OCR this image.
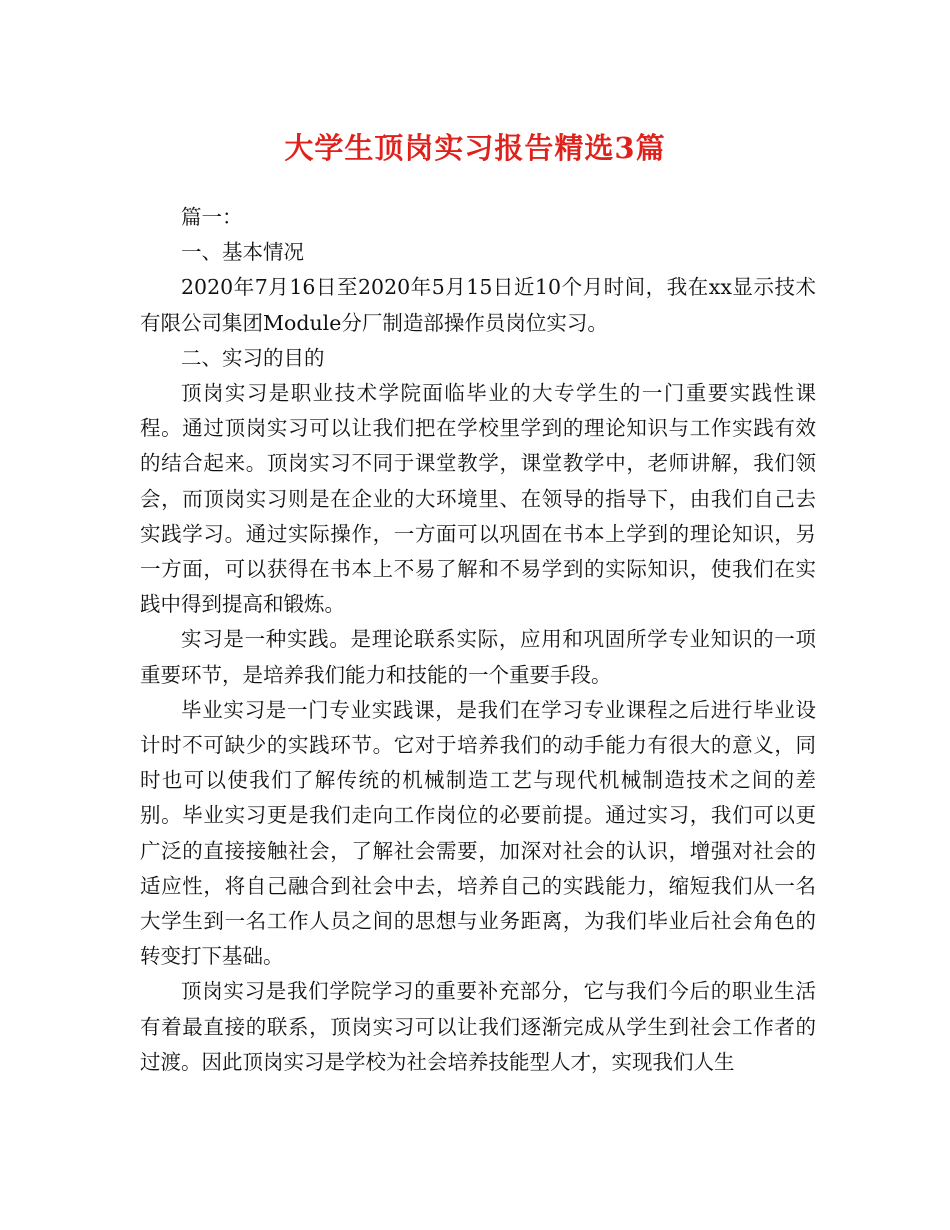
大学生顶岗实习报告精选3篇

篇一：

一、基本情况

2020年7月16日至2020年5月15日近10个月时间，我在xx显示技术有限公司集团Module分厂制造部操作员岗位实习。

二、实习的目的

顶岗实习是职业技术学院面临毕业的大专学生的一门重要实践性课程。通过顶岗实习可以让我们把在学校里学到的理论知识与工作实践有效的结合起来。顶岗实习不同于课堂教学，课堂教学中，老师讲解，我们领会，而顶岗实习则是在企业的大环境里、在领导的指导下，由我们自己去实践学习。通过实际操作，一方面可以巩固在书本上学到的理论知识，另一方面，可以获得在书本上不易了解和不易学到的实际知识，使我们在实践中得到提高和锻炼。

实习是一种实践。是理论联系实际，应用和巩固所学专业知识的一项重要环节，是培养我们能力和技能的一个重要手段。

毕业实习是一门专业实践课，是我们在学习专业课程之后进行毕业设计时不可缺少的实践环节。它对于培养我们的动手能力有很大的意义，同时也可以使我们了解传统的机械制造工艺与现代机械制造技术之间的差别。毕业实习更是我们走向工作岗位的必要前提。通过实习，我们可以更广泛的直接接触社会，了解社会需要，加深对社会的认识，增强对社会的适应性，将自己融合到社会中去，培养自己的实践能力，缩短我们从一名大学生到一名工作人员之间的思想与业务距离，为我们毕业后社会角色的转变打下基础。

顶岗实习是我们学院学习的重要补充部分，它与我们今后的职业生活有着最直接的联系，顶岗实习可以让我们逐渐完成从学生到社会工作者的过渡。因此顶岗实习是学校为社会培养技能型人才，实现我们人生
